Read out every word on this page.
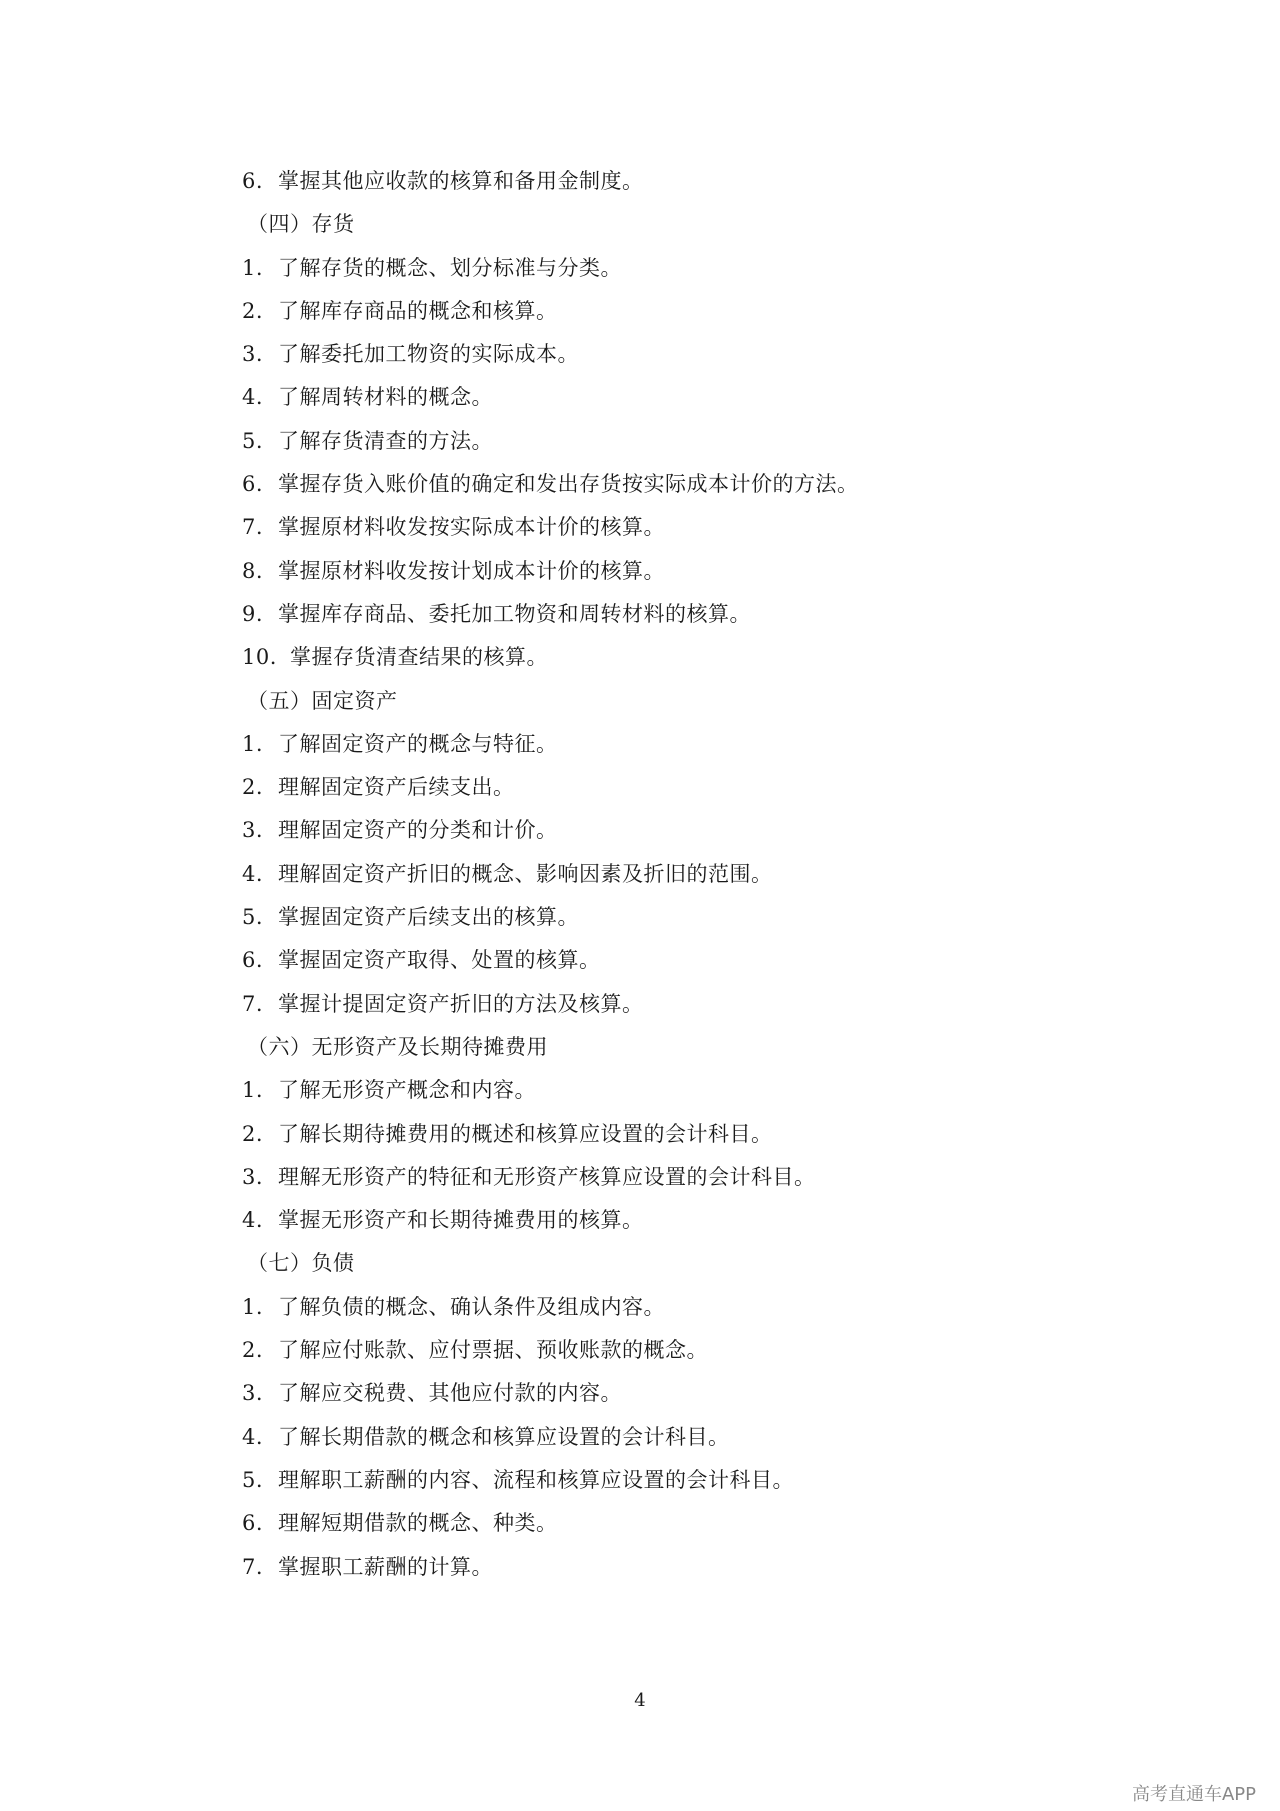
6. 掌握其他应收款的核算和备用金制度。
（四）存货
1. 了解存货的概念、划分标准与分类。
2. 了解库存商品的概念和核算。
3. 了解委托加工物资的实际成本。
4. 了解周转材料的概念。
5. 了解存货清查的方法。
6. 掌握存货入账价值的确定和发出存货按实际成本计价的方法。
7. 掌握原材料收发按实际成本计价的核算。
8. 掌握原材料收发按计划成本计价的核算。
9. 掌握库存商品、委托加工物资和周转材料的核算。
10. 掌握存货清查结果的核算。
（五）固定资产
1. 了解固定资产的概念与特征。
2. 理解固定资产后续支出。
3. 理解固定资产的分类和计价。
4. 理解固定资产折旧的概念、影响因素及折旧的范围。
5. 掌握固定资产后续支出的核算。
6. 掌握固定资产取得、处置的核算。
7. 掌握计提固定资产折旧的方法及核算。
（六）无形资产及长期待摊费用
1. 了解无形资产概念和内容。
2. 了解长期待摊费用的概述和核算应设置的会计科目。
3. 理解无形资产的特征和无形资产核算应设置的会计科目。
4. 掌握无形资产和长期待摊费用的核算。
（七）负债
1. 了解负债的概念、确认条件及组成内容。
2. 了解应付账款、应付票据、预收账款的概念。
3. 了解应交税费、其他应付款的内容。
4. 了解长期借款的概念和核算应设置的会计科目。
5. 理解职工薪酬的内容、流程和核算应设置的会计科目。
6. 理解短期借款的概念、种类。
7. 掌握职工薪酬的计算。
4
高考直通车APP
